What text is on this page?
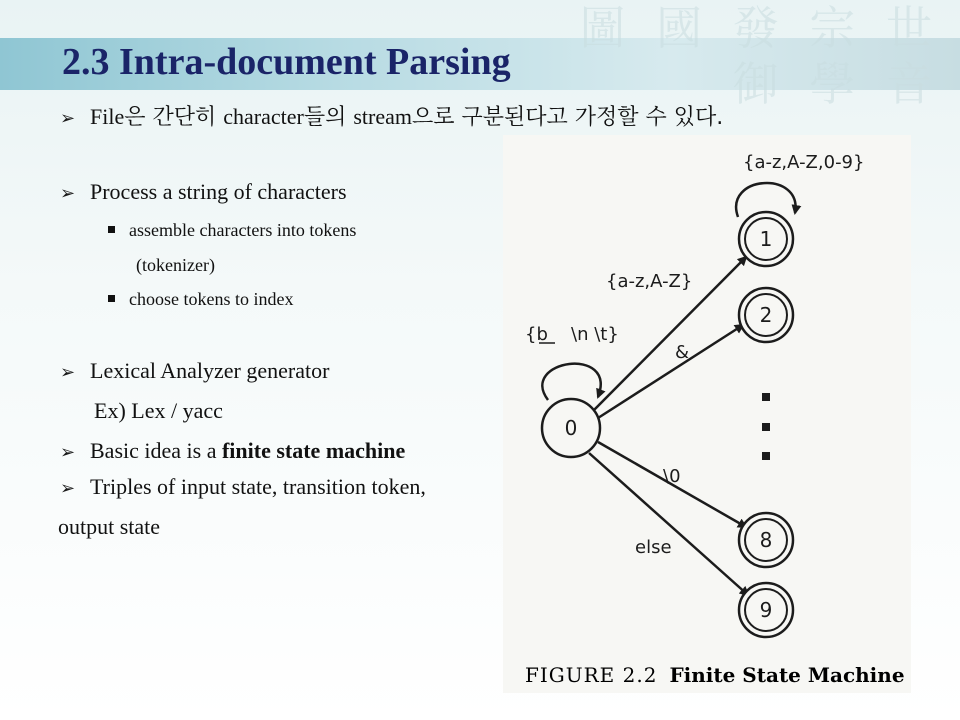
圖 國 發 宗 世 御 學 音
2.3 Intra-document Parsing
➢ File은 간단히 character들의 stream으로 구분된다고 가정할 수 있다.
➢ Process a string of characters
assemble characters into tokens
(tokenizer)
choose tokens to index
➢ Lexical Analyzer generator
Ex) Lex / yacc
➢ Basic idea is a finite state machine
➢ Triples of input state, transition token,
output state
0
1
2
8
9
{a-z,A-Z,0-9}
{a-z,A-Z}
&
{b \n \t}
\0
else
FIGURE 2.2 Finite State Machine
